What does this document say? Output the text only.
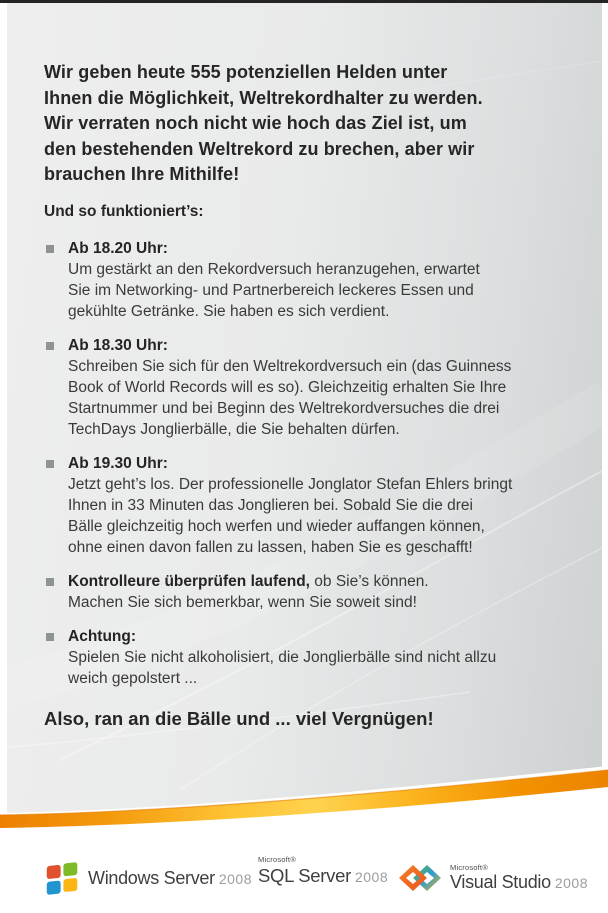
Wir geben heute 555 potenziellen Helden unter
Ihnen die Möglichkeit, Weltrekordhalter zu werden.
Wir verraten noch nicht wie hoch das Ziel ist, um
den bestehenden Weltrekord zu brechen, aber wir
brauchen Ihre Mithilfe!
Und so funktioniert’s:
Ab 18.20 Uhr:
Um gestärkt an den Rekordversuch heranzugehen, erwartet
Sie im Networking- und Partnerbereich leckeres Essen und
gekühlte Getränke. Sie haben es sich verdient.
Ab 18.30 Uhr:
Schreiben Sie sich für den Weltrekordversuch ein (das Guinness
Book of World Records will es so). Gleichzeitig erhalten Sie Ihre
Startnummer und bei Beginn des Weltrekordversuches die drei
TechDays Jonglierbälle, die Sie behalten dürfen.
Ab 19.30 Uhr:
Jetzt geht’s los. Der professionelle Jonglator Stefan Ehlers bringt
Ihnen in 33 Minuten das Jonglieren bei. Sobald Sie die drei
Bälle gleichzeitig hoch werfen und wieder auffangen können,
ohne einen davon fallen zu lassen, haben Sie es geschafft!
Kontrolleure überprüfen laufend, ob Sie’s können.
Machen Sie sich bemerkbar, wenn Sie soweit sind!
Achtung:
Spielen Sie nicht alkoholisiert, die Jonglierbälle sind nicht allzu
weich gepolstert ...
Also, ran an die Bälle und ... viel Vergnügen!
Windows Server 2008
Microsoft®
SQL Server 2008
Microsoft®
Visual Studio 2008
